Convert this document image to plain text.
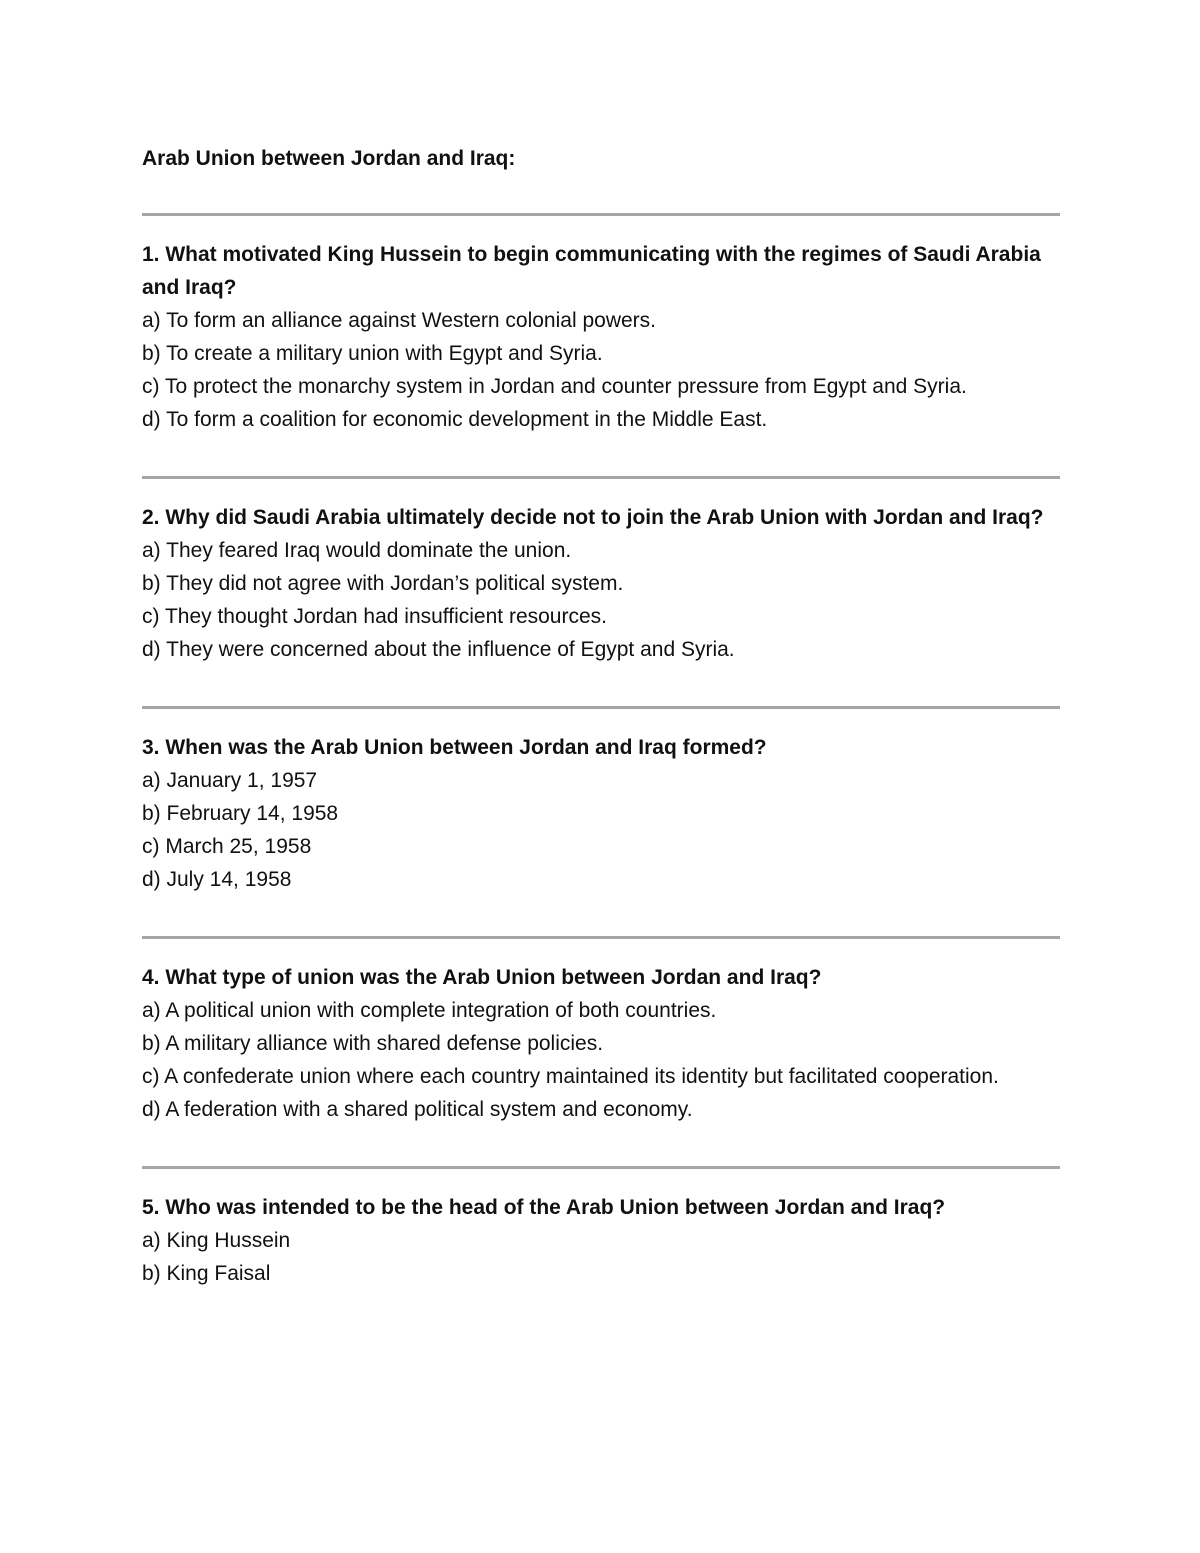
Arab Union between Jordan and Iraq:

1. What motivated King Hussein to begin communicating with the regimes of Saudi Arabia and Iraq?

a) To form an alliance against Western colonial powers.

b) To create a military union with Egypt and Syria.

c) To protect the monarchy system in Jordan and counter pressure from Egypt and Syria.

d) To form a coalition for economic development in the Middle East.

2. Why did Saudi Arabia ultimately decide not to join the Arab Union with Jordan and Iraq?

a) They feared Iraq would dominate the union.

b) They did not agree with Jordan’s political system.

c) They thought Jordan had insufficient resources.

d) They were concerned about the influence of Egypt and Syria.

3. When was the Arab Union between Jordan and Iraq formed?

a) January 1, 1957

b) February 14, 1958

c) March 25, 1958

d) July 14, 1958

4. What type of union was the Arab Union between Jordan and Iraq?

a) A political union with complete integration of both countries.

b) A military alliance with shared defense policies.

c) A confederate union where each country maintained its identity but facilitated cooperation.

d) A federation with a shared political system and economy.

5. Who was intended to be the head of the Arab Union between Jordan and Iraq?

a) King Hussein

b) King Faisal
